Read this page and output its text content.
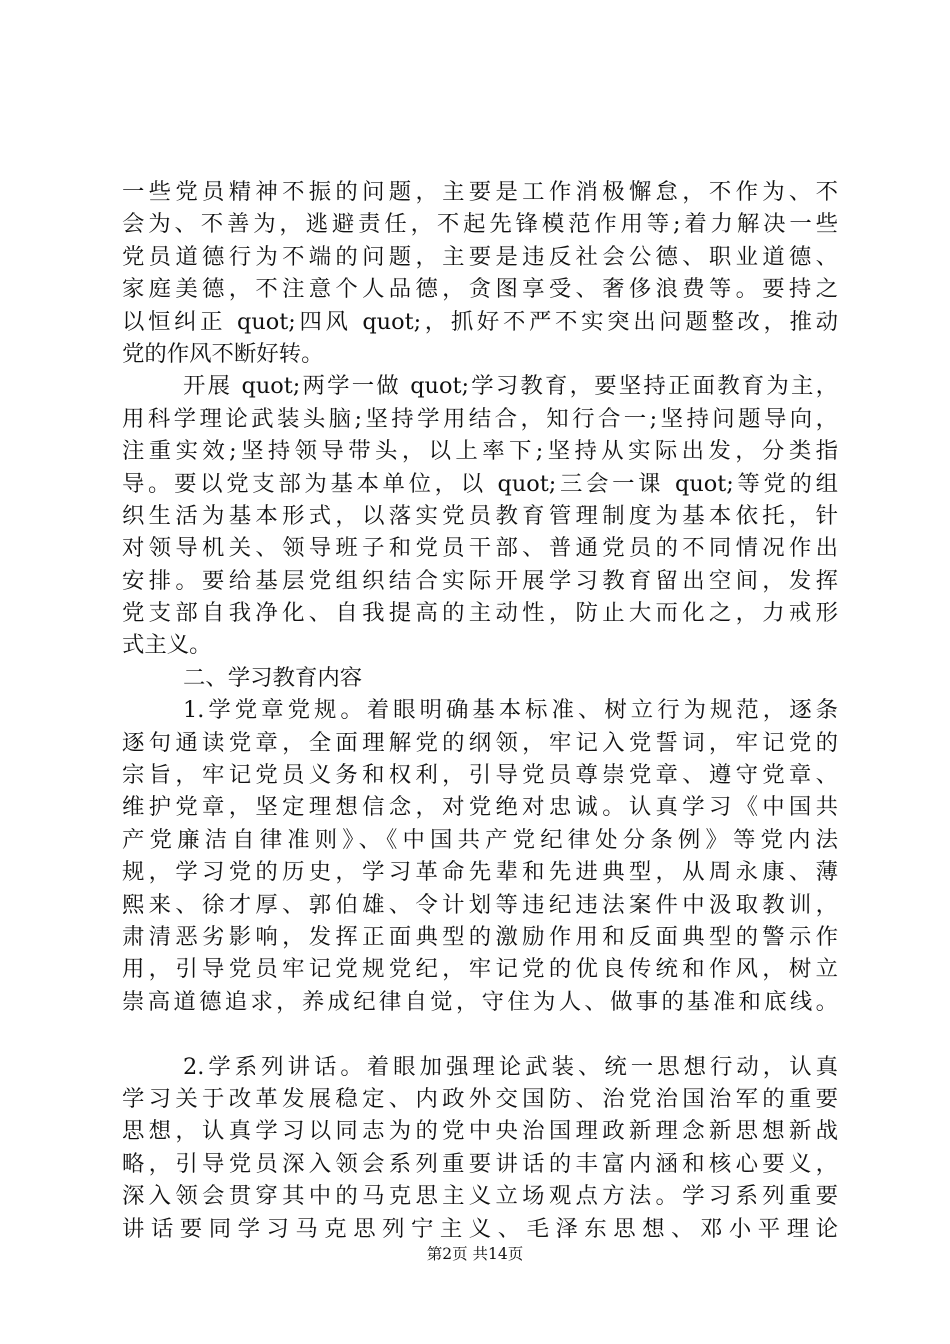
一些党员精神不振的问题，主要是工作消极懈怠，不作为、不
会为、不善为，逃避责任，不起先锋模范作用等;着力解决一些
党员道德行为不端的问题，主要是违反社会公德、职业道德、
家庭美德，不注意个人品德，贪图享受、奢侈浪费等。要持之
以恒纠正 quot;四风 quot;，抓好不严不实突出问题整改，推动
党的作风不断好转。
开展 quot;两学一做 quot;学习教育，要坚持正面教育为主，
用科学理论武装头脑;坚持学用结合，知行合一;坚持问题导向，
注重实效;坚持领导带头，以上率下;坚持从实际出发，分类指
导。要以党支部为基本单位，以 quot;三会一课 quot;等党的组
织生活为基本形式，以落实党员教育管理制度为基本依托，针
对领导机关、领导班子和党员干部、普通党员的不同情况作出
安排。要给基层党组织结合实际开展学习教育留出空间，发挥
党支部自我净化、自我提高的主动性，防止大而化之，力戒形
式主义。
二、学习教育内容
1.学党章党规。着眼明确基本标准、树立行为规范，逐条
逐句通读党章，全面理解党的纲领，牢记入党誓词，牢记党的
宗旨，牢记党员义务和权利，引导党员尊崇党章、遵守党章、
维护党章，坚定理想信念，对党绝对忠诚。认真学习《中国共
产党廉洁自律准则》、《中国共产党纪律处分条例》等党内法
规，学习党的历史，学习革命先辈和先进典型，从周永康、薄
熙来、徐才厚、郭伯雄、令计划等违纪违法案件中汲取教训，
肃清恶劣影响，发挥正面典型的激励作用和反面典型的警示作
用，引导党员牢记党规党纪，牢记党的优良传统和作风，树立
崇高道德追求，养成纪律自觉，守住为人、做事的基准和底线。
2.学系列讲话。着眼加强理论武装、统一思想行动，认真
学习关于改革发展稳定、内政外交国防、治党治国治军的重要
思想，认真学习以同志为的党中央治国理政新理念新思想新战
略，引导党员深入领会系列重要讲话的丰富内涵和核心要义，
深入领会贯穿其中的马克思主义立场观点方法。学习系列重要
讲话要同学习马克思列宁主义、毛泽东思想、邓小平理论
第2页 共14页
